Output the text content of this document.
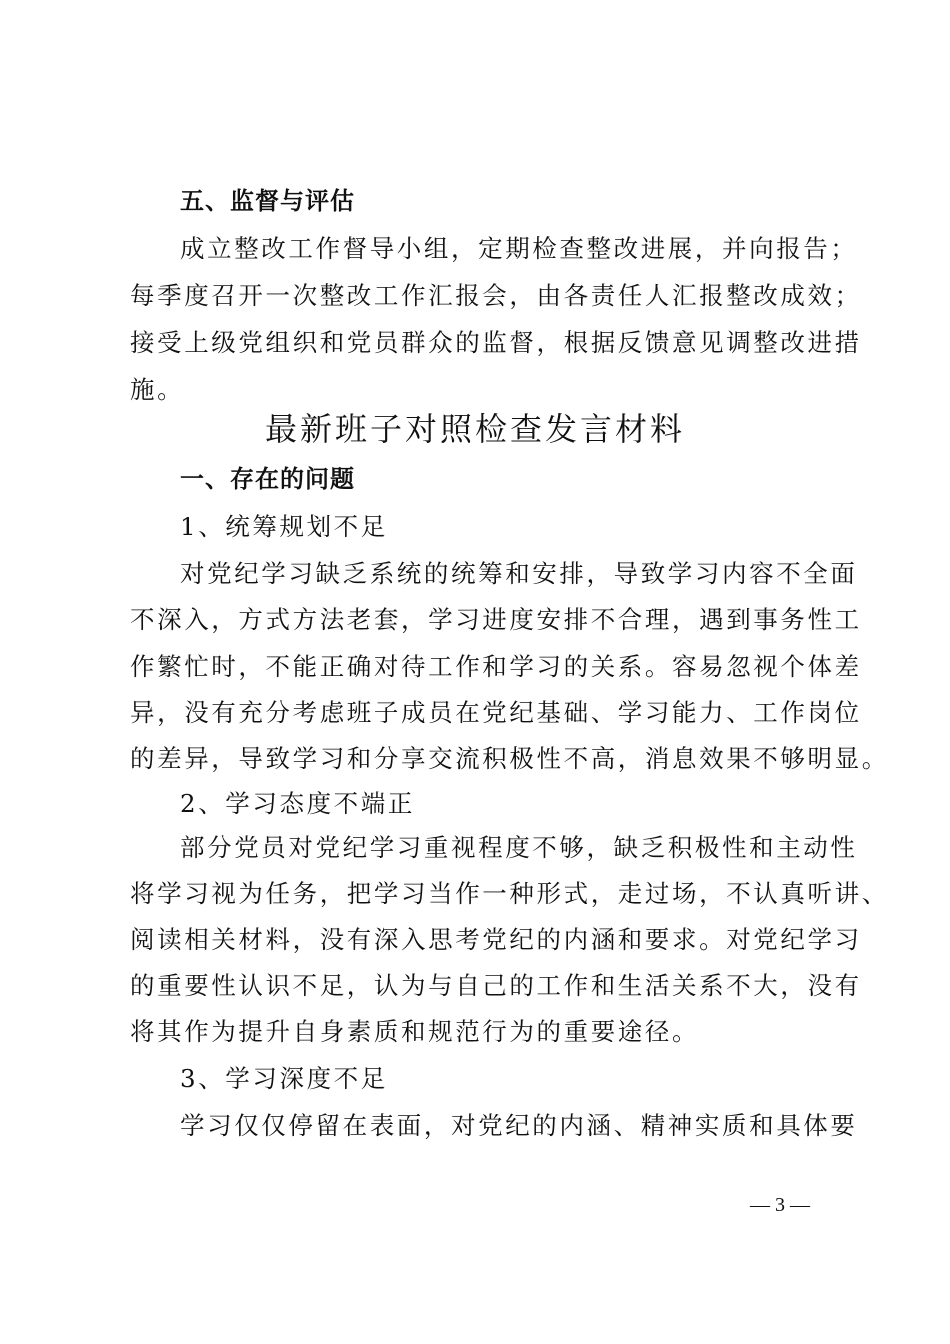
五、监督与评估
成立整改工作督导小组，定期检查整改进展，并向报告；
每季度召开一次整改工作汇报会，由各责任人汇报整改成效；
接受上级党组织和党员群众的监督，根据反馈意见调整改进措
施。
最新班子对照检查发言材料
一、存在的问题
1、统筹规划不足
对党纪学习缺乏系统的统筹和安排，导致学习内容不全面
不深入，方式方法老套，学习进度安排不合理，遇到事务性工
作繁忙时，不能正确对待工作和学习的关系。容易忽视个体差
异，没有充分考虑班子成员在党纪基础、学习能力、工作岗位
的差异，导致学习和分享交流积极性不高，消息效果不够明显。
2、学习态度不端正
部分党员对党纪学习重视程度不够，缺乏积极性和主动性
将学习视为任务，把学习当作一种形式，走过场，不认真听讲、
阅读相关材料，没有深入思考党纪的内涵和要求。对党纪学习
的重要性认识不足，认为与自己的工作和生活关系不大，没有
将其作为提升自身素质和规范行为的重要途径。
3、学习深度不足
学习仅仅停留在表面，对党纪的内涵、精神实质和具体要
— 3 —
